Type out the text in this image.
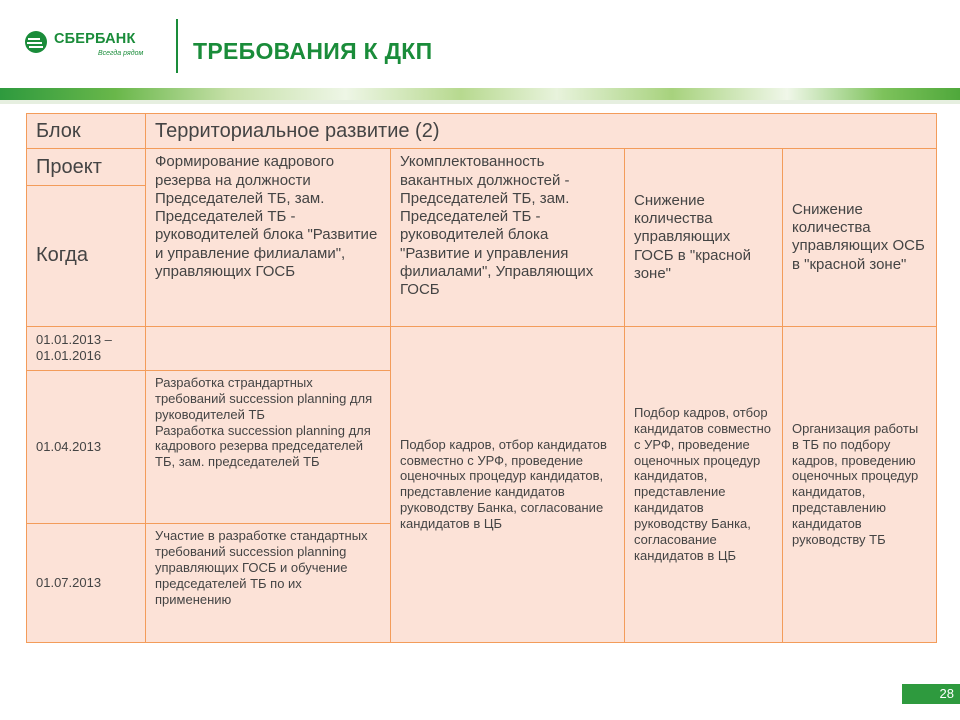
СБЕРБАНК
Всегда рядом ТРЕБОВАНИЯ К ДКП
Блок	Территориальное развитие (2)			
Проект	Формирование кадрового резерва на должности Председателей ТБ, зам. Председателей ТБ - руководителей блока "Развитие и управление филиалами", управляющих ГОСБ	Укомплектованность вакантных должностей - Председателей ТБ, зам. Председателей ТБ - руководителей блока "Развитие и управления филиалами", Управляющих ГОСБ	Снижение количества управляющих ГОСБ в "красной зоне"	Снижение количества управляющих ОСБ в "красной зоне"
Когда				
01.01.2013 – 01.01.2016		Подбор кадров, отбор кандидатов совместно с УРФ, проведение оценочных процедур кандидатов, представление кандидатов руководству Банка, согласование кандидатов в ЦБ	Подбор кадров, отбор кандидатов совместно с УРФ, проведение оценочных процедур кандидатов, представление кандидатов руководству Банка, согласование кандидатов в ЦБ	Организация работы в ТБ по подбору кадров, проведению оценочных процедур кандидатов, представлению кандидатов руководству ТБ
01.04.2013	Разработка страндартных требований succession planning для руководителей ТБ
Разработка succession planning для кадрового резерва председателей ТБ, зам. председателей ТБ			
01.07.2013	Участие в разработке стандартных требований succession planning управляющих ГОСБ и обучение председателей ТБ по их применению			
28
